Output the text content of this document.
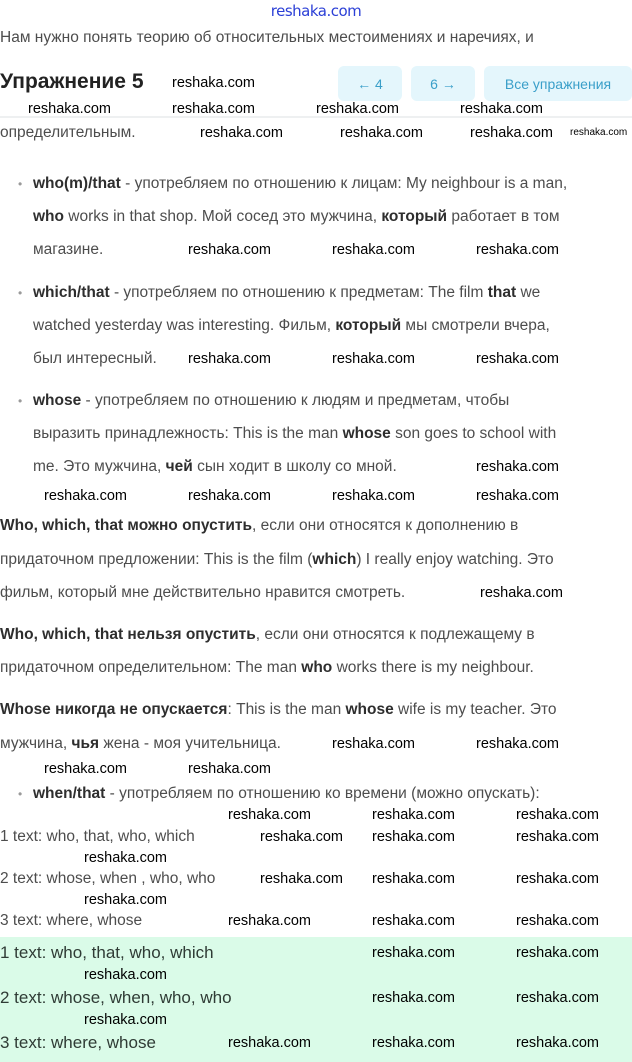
reshaka.com
Упражнение 5	← 4	6 →	Все упражнения
Нам нужно понять теорию об относительных местоимениях и наречиях, и
определительным.
• who(m)/that - употребляем по отношению к лицам: My neighbour is a man,
who works in that shop. Мой сосед это мужчина, который работает в том
магазине.
• which/that - употребляем по отношению к предметам: The film that we
watched yesterday was interesting. Фильм, который мы смотрели вчера,
был интересный.
• whose - употребляем по отношению к людям и предметам, чтобы
выразить принадлежность: This is the man whose son goes to school with
me. Это мужчина, чей сын ходит в школу со мной.
Who, which, that можно опустить, если они относятся к дополнению в
придаточном предложении: This is the film (which) I really enjoy watching. Это
фильм, который мне действительно нравится смотреть.
Who, which, that нельзя опустить, если они относятся к подлежащему в
придаточном определительном: The man who works there is my neighbour.
Whose никогда не опускается: This is the man whose wife is my teacher. Это
мужчина, чья жена - моя учительница.
• when/that - употребляем по отношению ко времени (можно опускать):
1 text: who, that, who, which
2 text: whose, when , who, who
3 text: where, whose
1 text: who, that, who, which
2 text: whose, when, who, who
3 text: where, whose
reshaka.com
reshaka.com	reshaka.com	reshaka.com	reshaka.com
reshaka.com	reshaka.com	reshaka.com reshaka.com
reshaka.com	reshaka.com	reshaka.com
reshaka.com	reshaka.com	reshaka.com
reshaka.com
reshaka.com	reshaka.com	reshaka.com	reshaka.com
reshaka.com
reshaka.com	reshaka.com
reshaka.com	reshaka.com
reshaka.com	reshaka.com	reshaka.com
reshaka.com reshaka.com	reshaka.com
reshaka.com
reshaka.com reshaka.com	reshaka.com
reshaka.com
reshaka.com	reshaka.com	reshaka.com
reshaka.com	reshaka.com
reshaka.com
reshaka.com	reshaka.com
reshaka.com
reshaka.com	reshaka.com	reshaka.com
